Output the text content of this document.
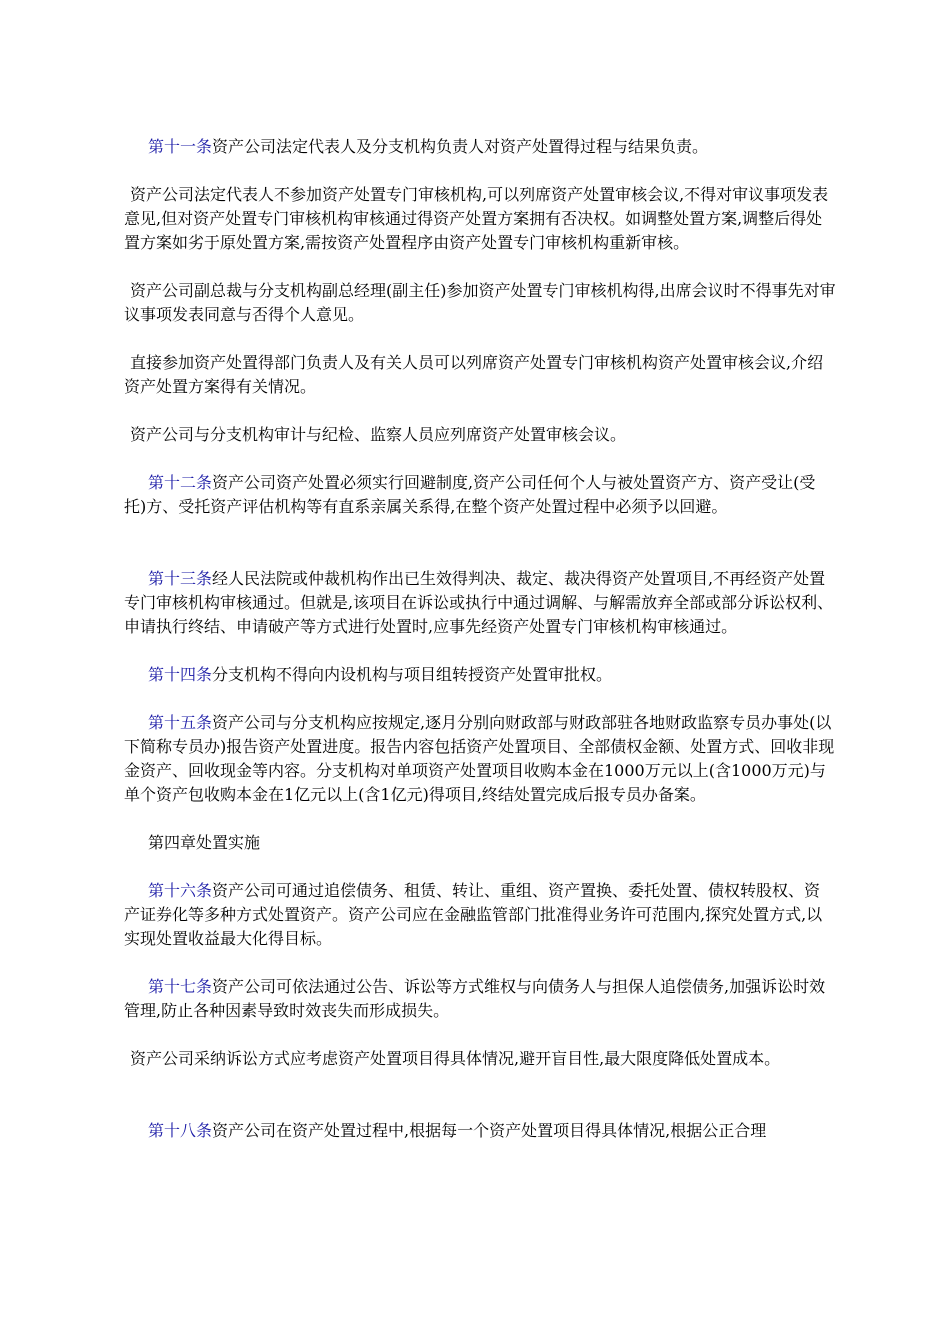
第十一条资产公司法定代表人及分支机构负责人对资产处置得过程与结果负责。

资产公司法定代表人不参加资产处置专门审核机构,可以列席资产处置审核会议,不得对审议事项发表意见,但对资产处置专门审核机构审核通过得资产处置方案拥有否决权。如调整处置方案,调整后得处置方案如劣于原处置方案,需按资产处置程序由资产处置专门审核机构重新审核。

资产公司副总裁与分支机构副总经理(副主任)参加资产处置专门审核机构得,出席会议时不得事先对审议事项发表同意与否得个人意见。

直接参加资产处置得部门负责人及有关人员可以列席资产处置专门审核机构资产处置审核会议,介绍资产处置方案得有关情况。

资产公司与分支机构审计与纪检、监察人员应列席资产处置审核会议。

第十二条资产公司资产处置必须实行回避制度,资产公司任何个人与被处置资产方、资产受让(受托)方、受托资产评估机构等有直系亲属关系得,在整个资产处置过程中必须予以回避。

第十三条经人民法院或仲裁机构作出已生效得判决、裁定、裁决得资产处置项目,不再经资产处置专门审核机构审核通过。但就是,该项目在诉讼或执行中通过调解、与解需放弃全部或部分诉讼权利、申请执行终结、申请破产等方式进行处置时,应事先经资产处置专门审核机构审核通过。

第十四条分支机构不得向内设机构与项目组转授资产处置审批权。

第十五条资产公司与分支机构应按规定,逐月分别向财政部与财政部驻各地财政监察专员办事处(以下简称专员办)报告资产处置进度。报告内容包括资产处置项目、全部债权金额、处置方式、回收非现金资产、回收现金等内容。分支机构对单项资产处置项目收购本金在1000万元以上(含1000万元)与单个资产包收购本金在1亿元以上(含1亿元)得项目,终结处置完成后报专员办备案。

第四章处置实施

第十六条资产公司可通过追偿债务、租赁、转让、重组、资产置换、委托处置、债权转股权、资产证券化等多种方式处置资产。资产公司应在金融监管部门批准得业务许可范围内,探究处置方式,以实现处置收益最大化得目标。

第十七条资产公司可依法通过公告、诉讼等方式维权与向债务人与担保人追偿债务,加强诉讼时效管理,防止各种因素导致时效丧失而形成损失。

资产公司采纳诉讼方式应考虑资产处置项目得具体情况,避开盲目性,最大限度降低处置成本。

第十八条资产公司在资产处置过程中,根据每一个资产处置项目得具体情况,根据公正合理
